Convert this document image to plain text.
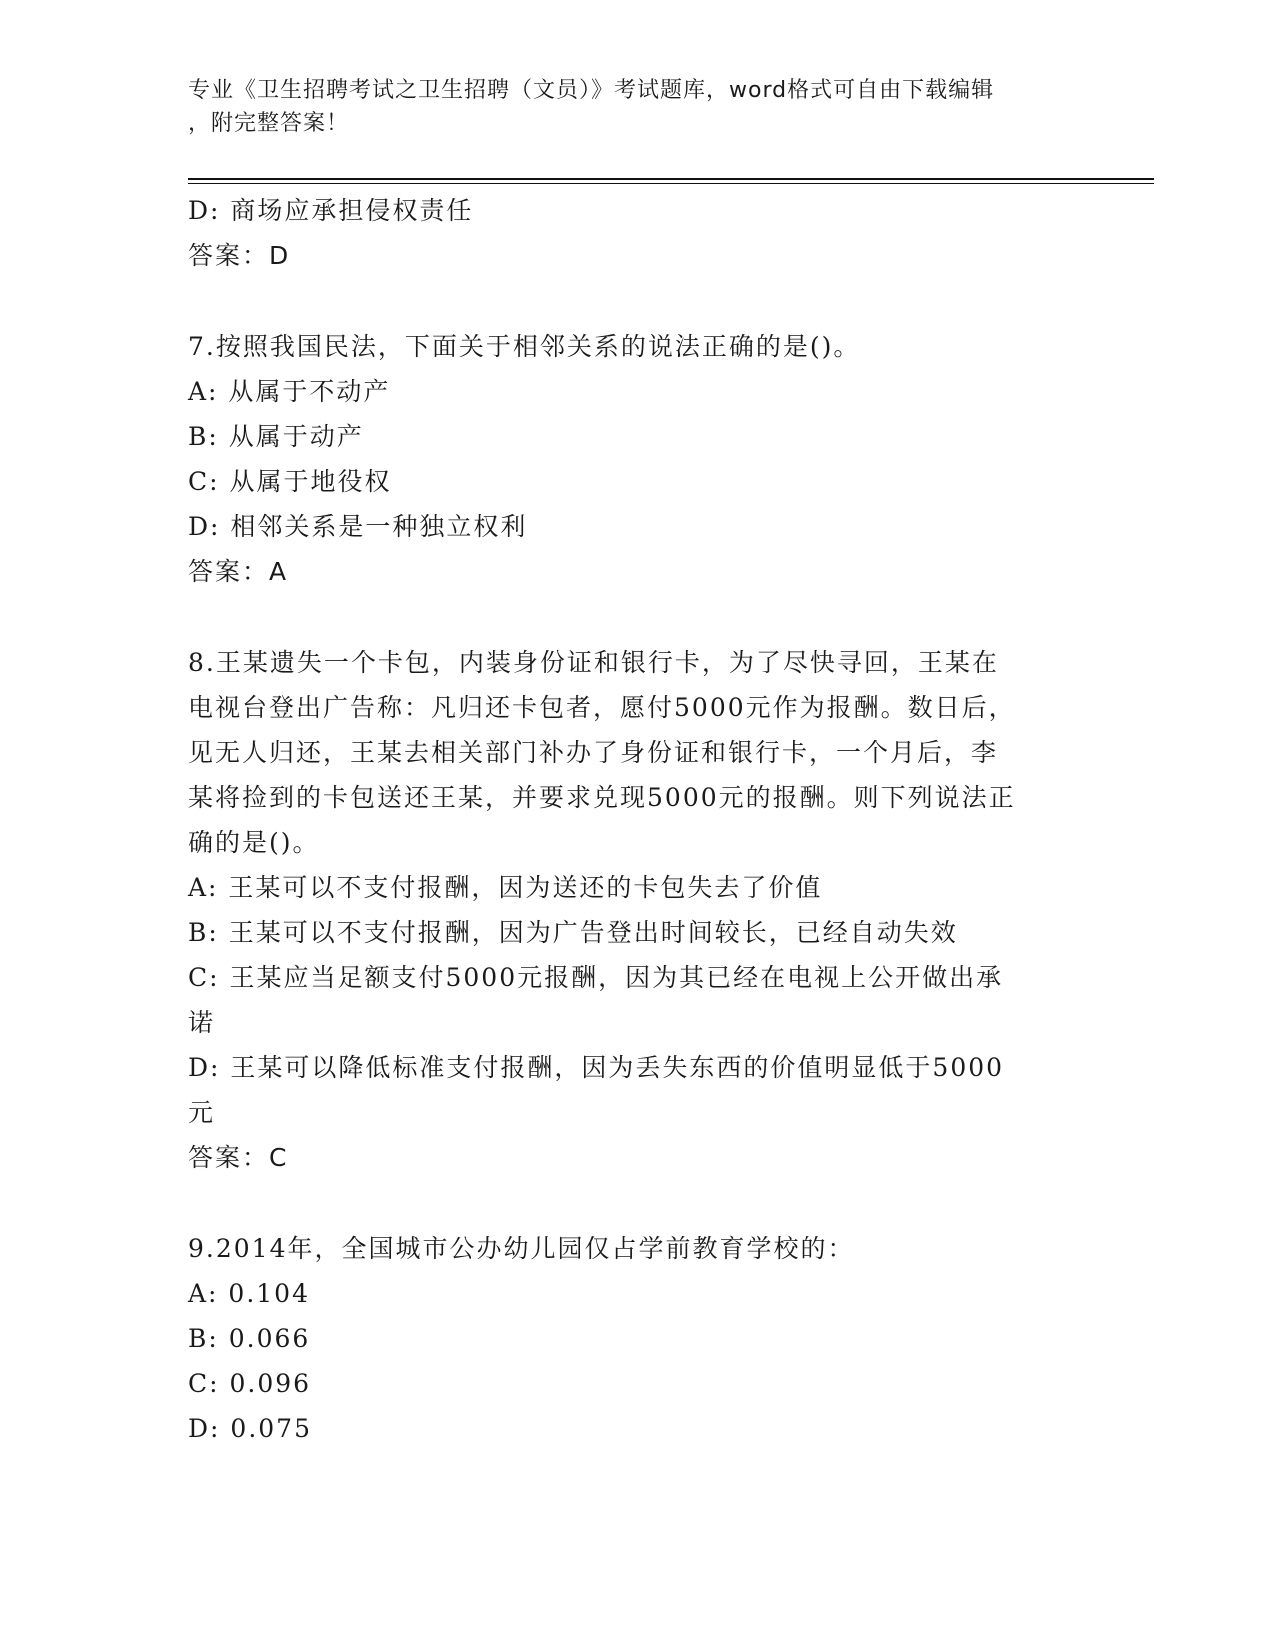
专业《卫生招聘考试之卫生招聘（文员）》考试题库，word格式可自由下载编辑
，附完整答案！
D: 商场应承担侵权责任
答案：D
7.按照我国民法，下面关于相邻关系的说法正确的是()。
A: 从属于不动产
B: 从属于动产
C: 从属于地役权
D: 相邻关系是一种独立权利
答案：A
8.王某遗失一个卡包，内装身份证和银行卡，为了尽快寻回，王某在
电视台登出广告称：凡归还卡包者，愿付5000元作为报酬。数日后，
见无人归还，王某去相关部门补办了身份证和银行卡，一个月后，李
某将捡到的卡包送还王某，并要求兑现5000元的报酬。则下列说法正
确的是()。
A: 王某可以不支付报酬，因为送还的卡包失去了价值
B: 王某可以不支付报酬，因为广告登出时间较长，已经自动失效
C: 王某应当足额支付5000元报酬，因为其已经在电视上公开做出承
诺
D: 王某可以降低标准支付报酬，因为丢失东西的价值明显低于5000
元
答案：C
9.2014年，全国城市公办幼儿园仅占学前教育学校的：
A: 0.104
B: 0.066
C: 0.096
D: 0.075
